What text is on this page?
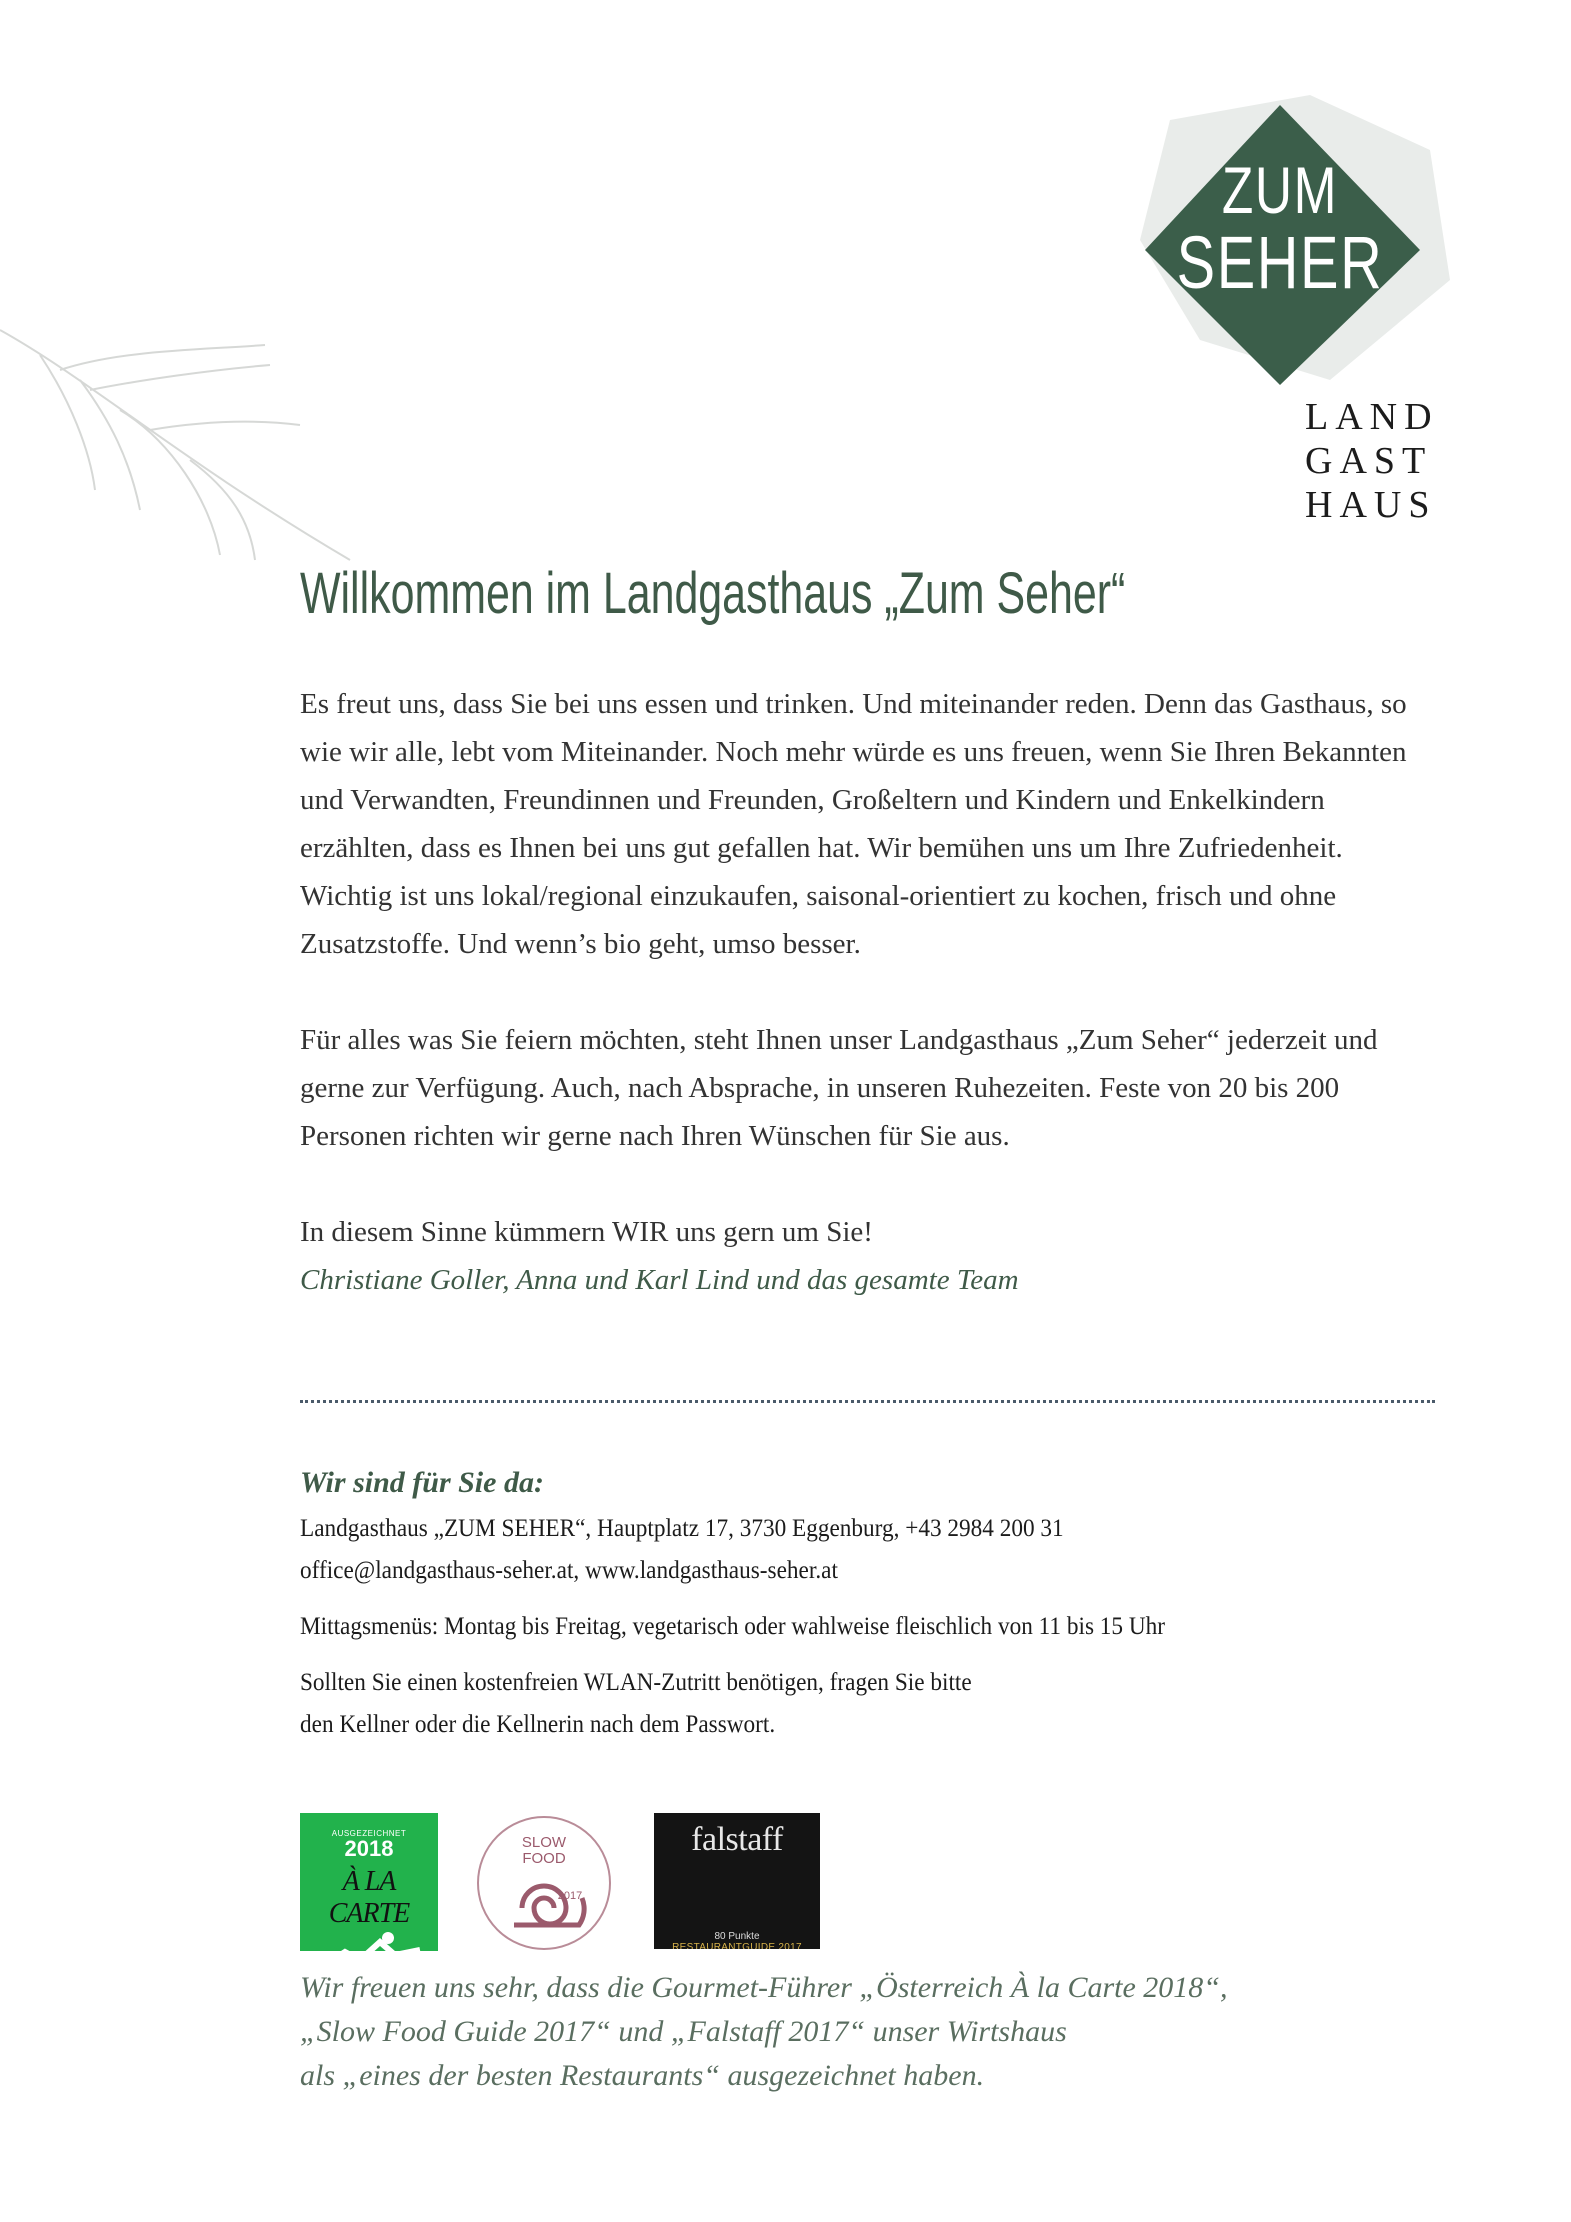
ZUM
SEHER
LAND
GAST
HAUS
Willkommen im Landgasthaus „Zum Seher“

Es freut uns, dass Sie bei uns essen und trinken. Und miteinander reden. Denn das Gasthaus, so wie wir alle, lebt vom Miteinander. Noch mehr würde es uns freuen, wenn Sie Ihren Bekannten und Verwandten, Freundinnen und Freunden, Großeltern und Kindern und Enkelkindern erzählten, dass es Ihnen bei uns gut gefallen hat. Wir bemühen uns um Ihre Zufriedenheit. Wichtig ist uns lokal/regional einzukaufen, saisonal-orientiert zu kochen, frisch und ohne Zusatzstoffe. Und wenn’s bio geht, umso besser.

Für alles was Sie feiern möchten, steht Ihnen unser Landgasthaus „Zum Seher“ jederzeit und gerne zur Verfügung. Auch, nach Absprache, in unseren Ruhezeiten. Feste von 20 bis 200 Personen richten wir gerne nach Ihren Wünschen für Sie aus.

In diesem Sinne kümmern WIR uns gern um Sie!

Christiane Goller, Anna und Karl Lind und das gesamte Team

Wir sind für Sie da:

Landgasthaus „ZUM SEHER“, Hauptplatz 17, 3730 Eggenburg, +43 2984 200 31

office@landgasthaus-seher.at, www.landgasthaus-seher.at

Mittagsmenüs: Montag bis Freitag, vegetarisch oder wahlweise fleischlich von 11 bis 15 Uhr

Sollten Sie einen kostenfreien WLAN-Zutritt benötigen, fragen Sie bitte

den Kellner oder die Kellnerin nach dem Passwort.

AUSGEZEICHNET
2018
À LA CARTE
SLOW
FOOD
2017
falstaff
80 Punkte
RESTAURANTGUIDE 2017

Wir freuen uns sehr, dass die Gourmet-Führer „Österreich À la Carte 2018“,

„Slow Food Guide 2017“ und „Falstaff 2017“ unser Wirtshaus

als „eines der besten Restaurants“ ausgezeichnet haben.
